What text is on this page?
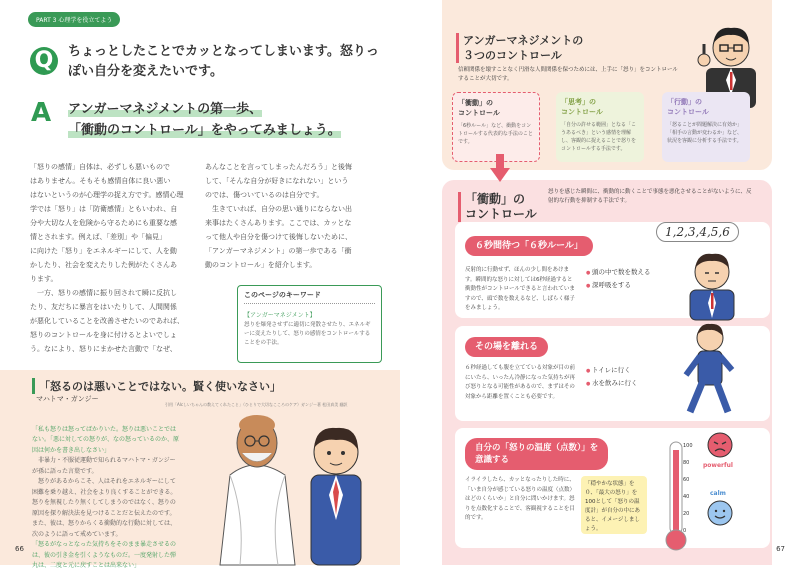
PART 3 心理学を役立てよう
Q	ちょっとしたことでカッとなってしまいます。怒りっぽい自分を変えたいです。
A アンガーマネジメントの第一歩、
「衝動のコントロール」をやってみましょう。
「怒りの感情」自体は、必ずしも悪いもので
はありません。そもそも感情自体に良い悪い
はないというのが心理学の捉え方です。感情心理
学では「怒り」は「防衛感情」ともいわれ、自
分や大切な人を危険から守るためにも重要な感
情とされます。例えば、「差別」や「偏見」
に向けた「怒り」をエネルギーにして、人を動
かしたり、社会を変えたりした例がたくさんあ
ります。
　一方、怒りの感情に振り回されて瞬に反抗し
たり、友だちに暴言をはいたりして、人間関係
が悪化していることを改善させたいのであれば、
怒りのコントロールを身に付けるとよいでしょ
う。なにより、怒りにまかせた言動で「なぜ、
あんなことを言ってしまったんだろう」と後悔
して、「そんな自分が好きになれない」という
のでは、傷ついているのは自分です。
　生きていれば、自分の思い通りにならない出
来事はたくさんあります。ここでは、カッとな
って他人や自分を傷つけて後悔しないために、
「アンガーマネジメント」の第一歩である「衝
動のコントロール」を紹介します。
このページのキーワード
【アンガーマネジメント】
怒りを爆発させずに適切に発散させたり、エネルギーに変えたりして、怒りの感情をコントロールすることをの手法。
「怒るのは悪いことではない。賢く使いなさい」
マハトマ・ガンジー
引用「Alcしいちゃんの教えてくれたこと」（ひとりで大切なこころのケア）ガンジー著 松田真美 翻訳

「私も怒りは怒ってばかりいた。怒りは悪いことではない。「悪に対しての怒りが、なの怒っているのか、原因は何かを書き出しなさい」
　非暴力・不服従運動で知られるマハトマ・ガンジーが孫に語った言葉です。
　怒りがあるからこそ、人はそれをエネルギーにして困難を乗り越え、社会をより良くすることができる。怒りを無視したり無くしてしまうのではなく、怒りの原因を探り解決法を見つけることだと伝えたのです。また、彼は、怒りからくる衝動的な行動に対しては、次のように語って戒めています。
「怒るがなっとなった気持ちをそのまま暴走させるのは、彼の引き金を引くようなものだ。一度発射した弾丸は、二度と元に戻すことは出来ない」

66
アンガーマネジメントの
３つのコントロール
信頼関係を壊すことなく円滑な人間関係を保つためには、上手に「怒り」をコントロールすることが大切です。
「衝動」の
コントロール
「6秒ルール」など、衝動をコントロールする代表的な手法のことです。
「思考」の
コントロール
「自分の許せる範囲」となる「こうあるべき」という感情を理解し、客観的に捉えることで怒りをコントロールする手法です。
「行動」の
コントロール
「怒ることが問題解決に有効か」「相手の言動が変わるか」など、状況を客観に分析する手法です。
「衝動」の
コントロール
怒りを感じた瞬間に、衝動的に動くことで事態を悪化させることがないように、反射的な行動を抑制する手法です。
６秒間待つ「６秒ルール」
反射的に行動せず、ほんの少し間をあけます。瞬間的な怒りに対しては6秒経過すると衝動性がコントロールできると言われていますので、頭で数を数えるなど、しばらく様子をみましょう。
● 頭の中で数を数える
● 深呼吸をする
1,2,3,4,5,6
その場を離れる
６秒経過しても腹を立てている対象が目の前にいたら、いったん冷静になった気持ちが再び怒りとなる可能性があるので、まずはその対象から距離を置くことも必要です。
● トイレに行く
● 水を飲みに行く
自分の「怒りの温度（点数）」を
意識する
イライラしたら、カッとなったりした時に、「いま自分が感じている怒りの温度（点数）はどのくらいか」と自分に問いかけます。怒りを点数化することで、客観視することを目的です。
「穏やかな状態」を０、「最大の怒り」を100として「怒りの温度計」が自分の中にあると、イメージしましょう。
100
80
60
40
20
0
powerful
calm
67
